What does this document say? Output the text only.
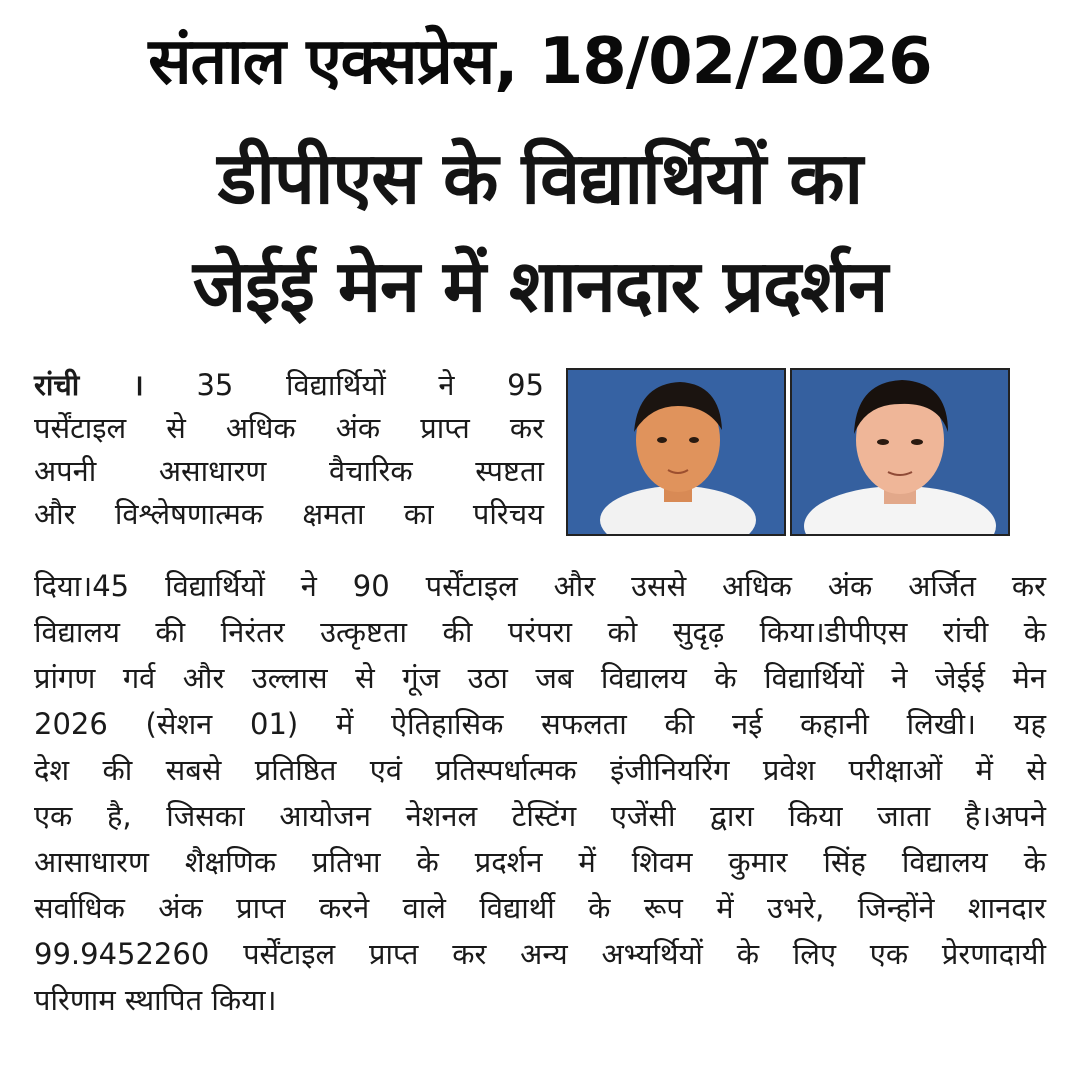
संताल एक्सप्रेस, 18/02/2026
डीपीएस के विद्यार्थियों का
जेईई मेन में शानदार प्रदर्शन
रांची । 35 विद्यार्थियों ने 95
पर्सेंटाइल से अधिक अंक प्राप्त कर
अपनी असाधारण वैचारिक स्पष्टता
और विश्लेषणात्मक क्षमता का परिचय
दिया।45 विद्यार्थियों ने 90 पर्सेंटाइल और उससे अधिक अंक अर्जित कर
विद्यालय की निरंतर उत्कृष्टता की परंपरा को सुदृढ़ किया।डीपीएस रांची के
प्रांगण गर्व और उल्लास से गूंज उठा जब विद्यालय के विद्यार्थियों ने जेईई मेन
2026 (सेशन 01) में ऐतिहासिक सफलता की नई कहानी लिखी। यह
देश की सबसे प्रतिष्ठित एवं प्रतिस्पर्धात्मक इंजीनियरिंग प्रवेश परीक्षाओं में से
एक है, जिसका आयोजन नेशनल टेस्टिंग एजेंसी द्वारा किया जाता है।अपने
आसाधारण शैक्षणिक प्रतिभा के प्रदर्शन में शिवम कुमार सिंह विद्यालय के
सर्वाधिक अंक प्राप्त करने वाले विद्यार्थी के रूप में उभरे, जिन्होंने शानदार
99.9452260 पर्सेंटाइल प्राप्त कर अन्य अभ्यर्थियों के लिए एक प्रेरणादायी
परिणाम स्थापित किया।
